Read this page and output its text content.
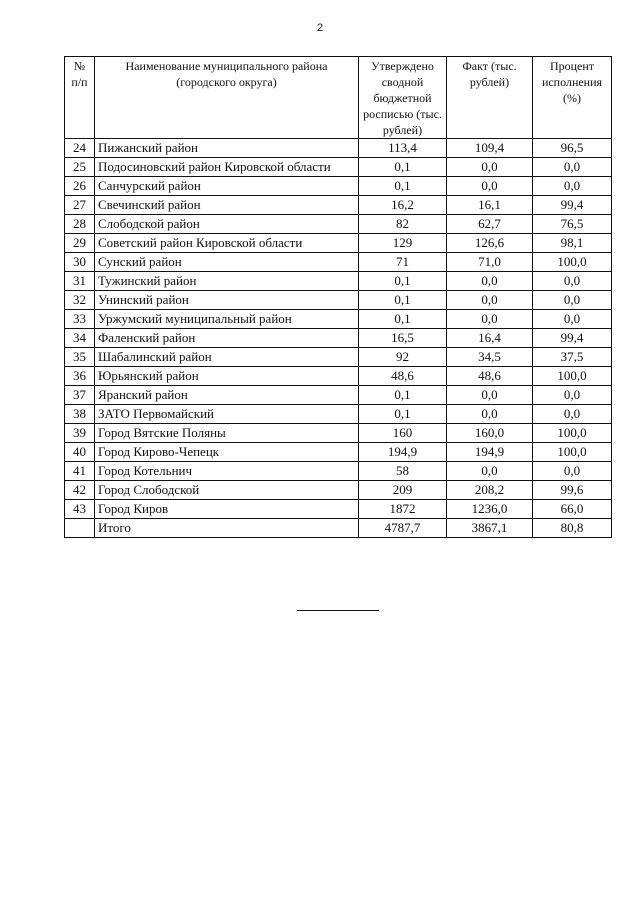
2
№ п/п	Наименование муниципального района (городского округа)	Утверждено сводной бюджетной росписью (тыс. рублей)	Факт (тыс. рублей)	Процент исполнения (%)
24	Пижанский район	113,4	109,4	96,5
25	Подосиновский район Кировской области	0,1	0,0	0,0
26	Санчурский район	0,1	0,0	0,0
27	Свечинский район	16,2	16,1	99,4
28	Слободской район	82	62,7	76,5
29	Советский район Кировской области	129	126,6	98,1
30	Сунский район	71	71,0	100,0
31	Тужинский район	0,1	0,0	0,0
32	Унинский район	0,1	0,0	0,0
33	Уржумский муниципальный район	0,1	0,0	0,0
34	Фаленский район	16,5	16,4	99,4
35	Шабалинский район	92	34,5	37,5
36	Юрьянский район	48,6	48,6	100,0
37	Яранский район	0,1	0,0	0,0
38	ЗАТО Первомайский	0,1	0,0	0,0
39	Город Вятские Поляны	160	160,0	100,0
40	Город Кирово-Чепецк	194,9	194,9	100,0
41	Город Котельнич	58	0,0	0,0
42	Город Слободской	209	208,2	99,6
43	Город Киров	1872	1236,0	66,0
	Итого	4787,7	3867,1	80,8
